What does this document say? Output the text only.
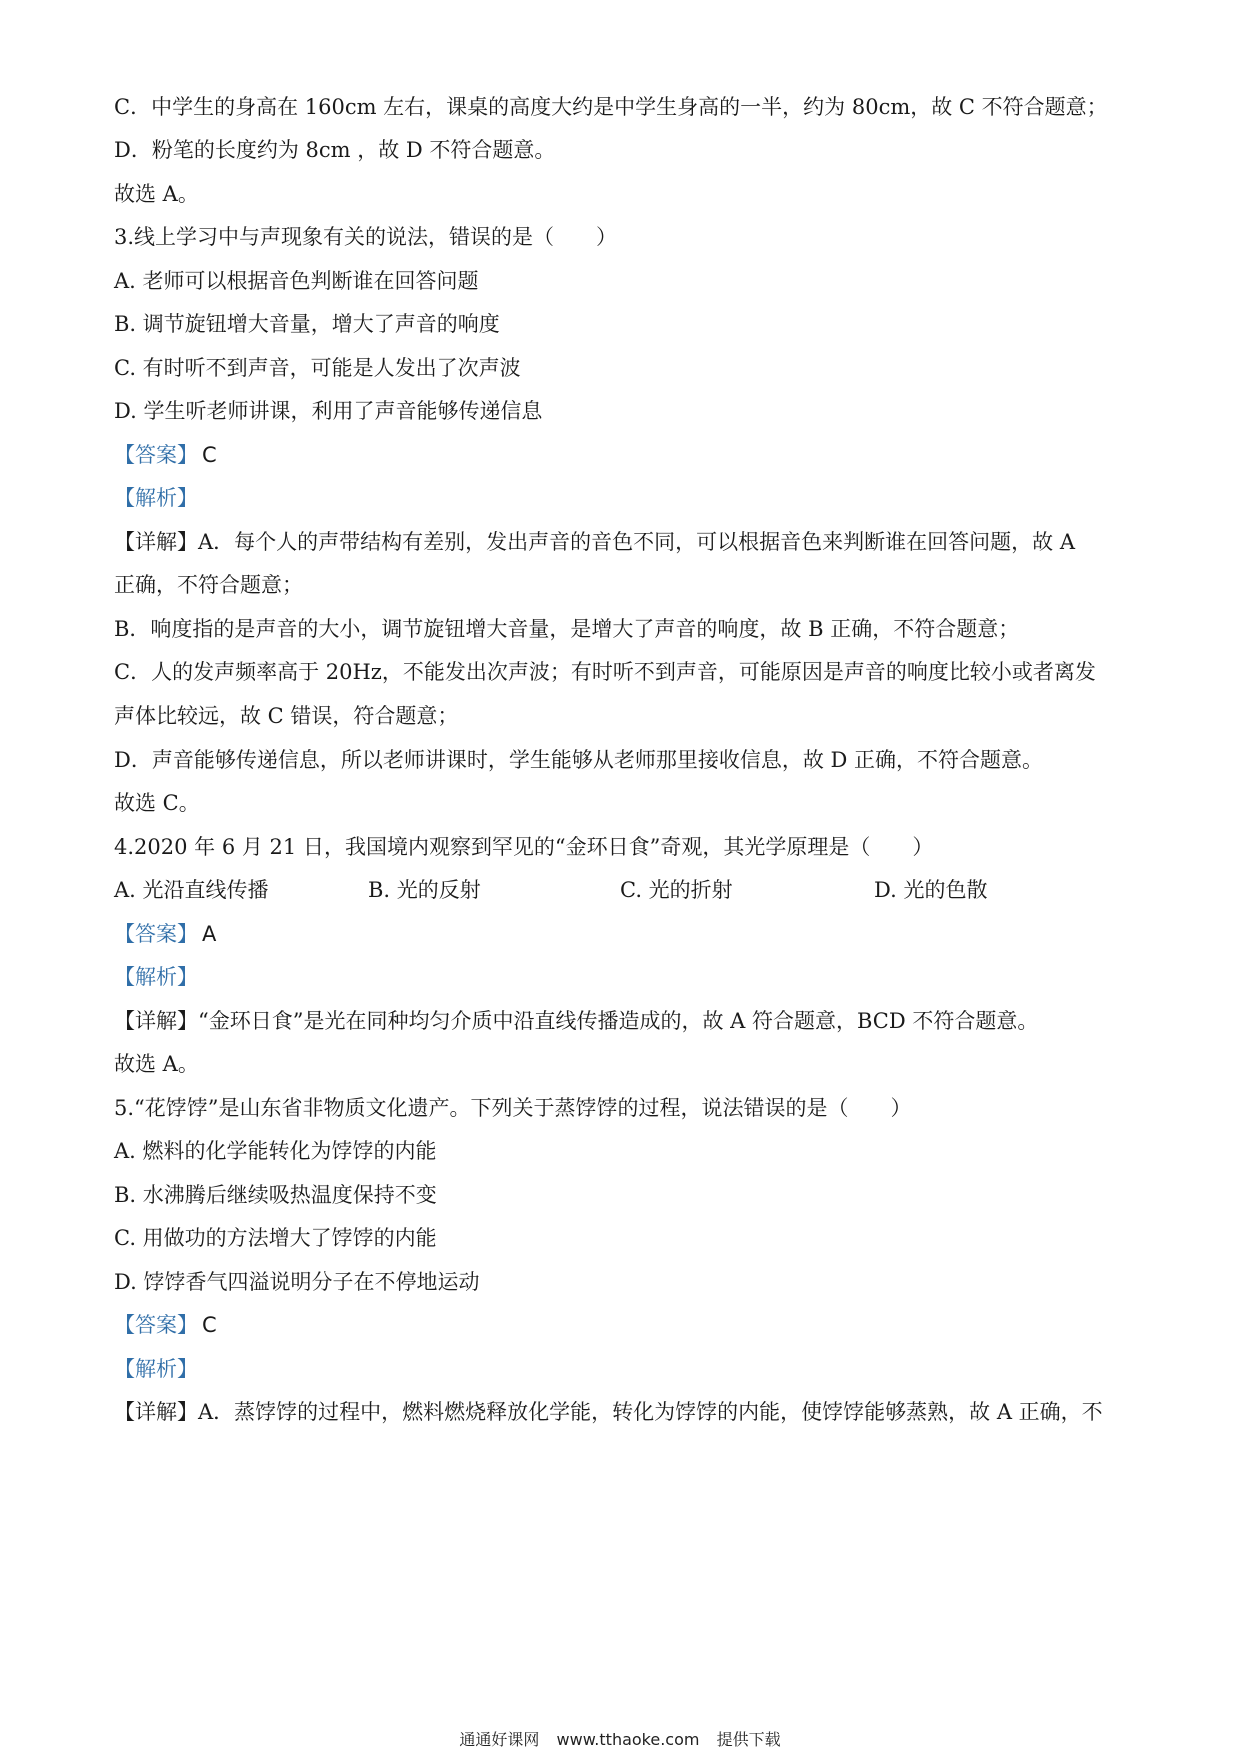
C．中学生的身高在 160cm 左右，课桌的高度大约是中学生身高的一半，约为 80cm，故 C 不符合题意；
D．粉笔的长度约为 8cm ，故 D 不符合题意。
故选 A。
3.线上学习中与声现象有关的说法，错误的是（　　）
A. 老师可以根据音色判断谁在回答问题
B. 调节旋钮增大音量，增大了声音的响度
C. 有时听不到声音，可能是人发出了次声波
D. 学生听老师讲课，利用了声音能够传递信息
【答案】 C
【解析】
【详解】A．每个人的声带结构有差别，发出声音的音色不同，可以根据音色来判断谁在回答问题，故 A
正确，不符合题意；
B．响度指的是声音的大小，调节旋钮增大音量，是增大了声音的响度，故 B 正确，不符合题意；
C．人的发声频率高于 20Hz，不能发出次声波；有时听不到声音，可能原因是声音的响度比较小或者离发
声体比较远，故 C 错误，符合题意；
D．声音能够传递信息，所以老师讲课时，学生能够从老师那里接收信息，故 D 正确，不符合题意。
故选 C。
4.2020 年 6 月 21 日，我国境内观察到罕见的“金环日食”奇观，其光学原理是（　　）
A. 光沿直线传播	B. 光的反射	C. 光的折射	D. 光的色散
【答案】 A
【解析】
【详解】“金环日食”是光在同种均匀介质中沿直线传播造成的，故 A 符合题意，BCD 不符合题意。
故选 A。
5.“花饽饽”是山东省非物质文化遗产。下列关于蒸饽饽的过程，说法错误的是（　　）
A. 燃料的化学能转化为饽饽的内能
B. 水沸腾后继续吸热温度保持不变
C. 用做功的方法增大了饽饽的内能
D. 饽饽香气四溢说明分子在不停地运动
【答案】 C
【解析】
【详解】A．蒸饽饽的过程中，燃料燃烧释放化学能，转化为饽饽的内能，使饽饽能够蒸熟，故 A 正确，不
通通好课网 www.tthaoke.com 提供下载
